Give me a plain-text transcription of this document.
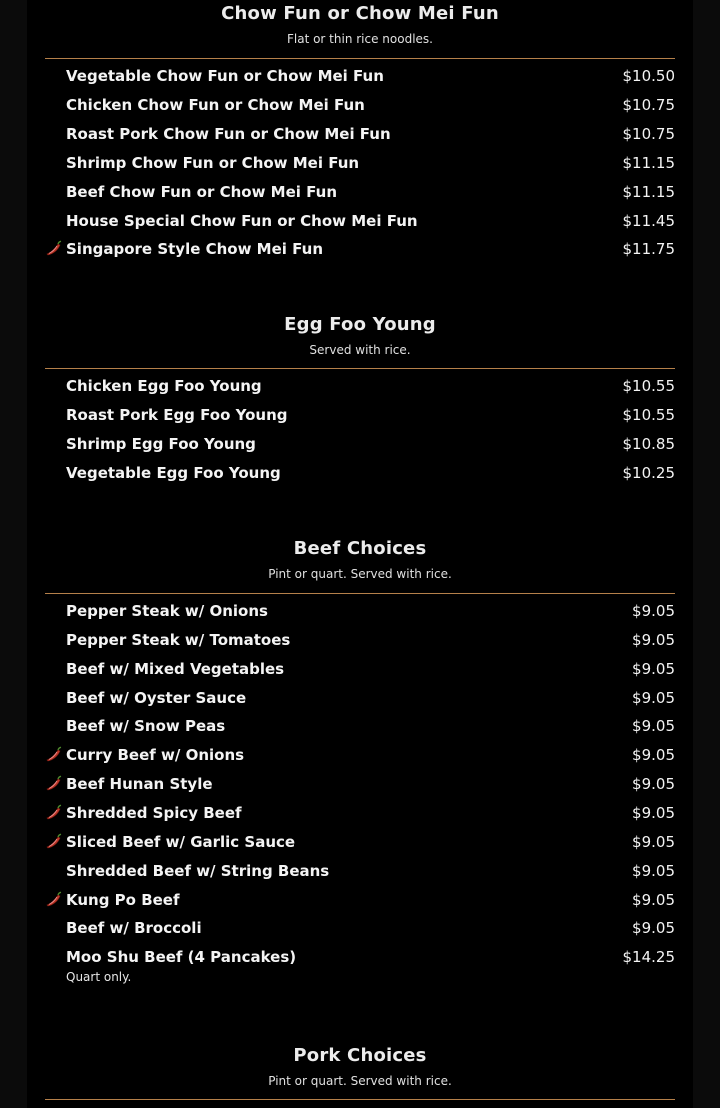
Chow Fun or Chow Mei Fun
Flat or thin rice noodles.
Egg Foo Young
Served with rice.
Beef Choices
Pint or quart. Served with rice.
Pork Choices
Pint or quart. Served with rice.
Vegetable Chow Fun or Chow Mei Fun	$10.50
Chicken Chow Fun or Chow Mei Fun	$10.75
Roast Pork Chow Fun or Chow Mei Fun	$10.75
Shrimp Chow Fun or Chow Mei Fun	$11.15
Beef Chow Fun or Chow Mei Fun	$11.15
House Special Chow Fun or Chow Mei Fun	$11.45
Singapore Style Chow Mei Fun	$11.75
Chicken Egg Foo Young	$10.55
Roast Pork Egg Foo Young	$10.55
Shrimp Egg Foo Young	$10.85
Vegetable Egg Foo Young	$10.25
Pepper Steak w/ Onions	$9.05
Pepper Steak w/ Tomatoes	$9.05
Beef w/ Mixed Vegetables	$9.05
Beef w/ Oyster Sauce	$9.05
Beef w/ Snow Peas	$9.05
Curry Beef w/ Onions	$9.05
Beef Hunan Style	$9.05
Shredded Spicy Beef	$9.05
Sliced Beef w/ Garlic Sauce	$9.05
Shredded Beef w/ String Beans	$9.05
Kung Po Beef	$9.05
Beef w/ Broccoli	$9.05
Moo Shu Beef (4 Pancakes)	$14.25
Quart only.
